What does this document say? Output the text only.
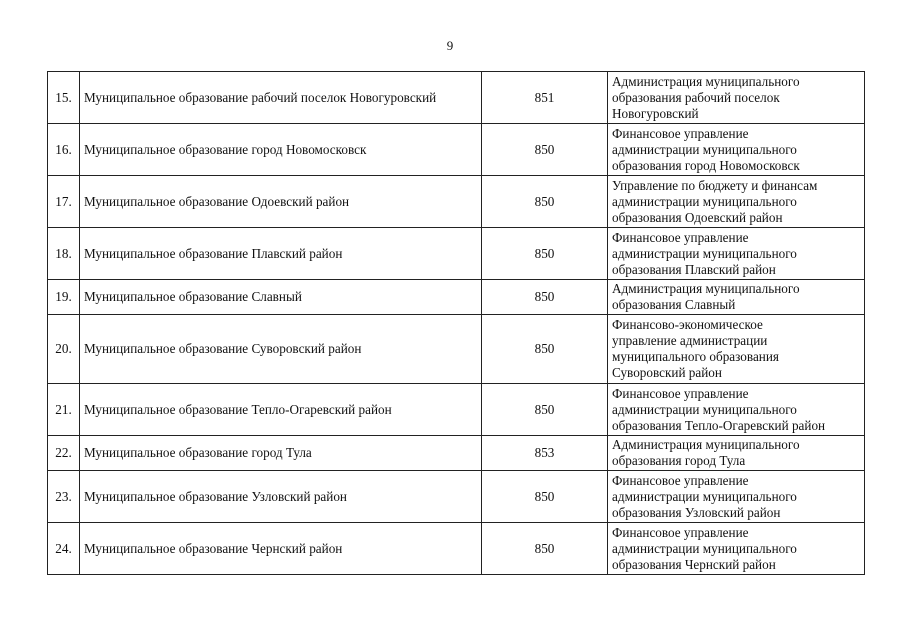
9
15.	Муниципальное образование рабочий поселок Новогуровский	851	Администрация муниципального
образования рабочий поселок
Новогуровский
16.	Муниципальное образование город Новомосковск	850	Финансовое управление
администрации муниципального
образования город Новомосковск
17.	Муниципальное образование Одоевский район	850	Управление по бюджету и финансам
администрации муниципального
образования Одоевский район
18.	Муниципальное образование Плавский район	850	Финансовое управление
администрации муниципального
образования Плавский район
19.	Муниципальное образование Славный	850	Администрация муниципального
образования Славный
20.	Муниципальное образование Суворовский район	850	Финансово-экономическое
управление администрации
муниципального образования
Суворовский район
21.	Муниципальное образование Тепло-Огаревский район	850	Финансовое управление
администрации муниципального
образования Тепло-Огаревский район
22.	Муниципальное образование город Тула	853	Администрация муниципального
образования город Тула
23.	Муниципальное образование Узловский район	850	Финансовое управление
администрации муниципального
образования Узловский район
24.	Муниципальное образование Чернский район	850	Финансовое управление
администрации муниципального
образования Чернский район
